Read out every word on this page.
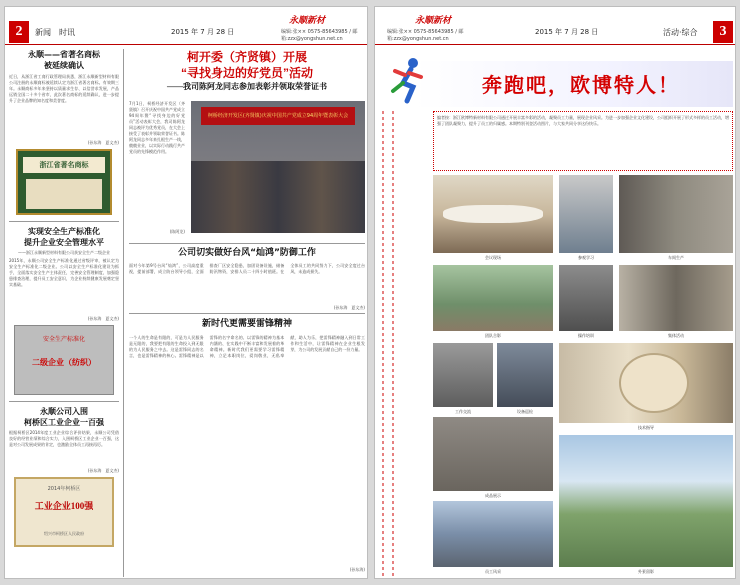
2	新闻　时讯	2015 年 7 月 28 日
永顺新材
编辑:张×× 0575-85643985 / 邮箱:zzx@yongshun.net.cn
永顺——省著名商标
被延续确认
近日，从浙江省工商行政管理局获悉，浙江永顺新型材料有限公司注册的永顺商标被延续认定为浙江省著名商标。有效期三年。永顺商标多年来坚持以质量求生存、以信誉求发展，产品远销全国二十多个省市，此次著名商标的延续确认，进一步提升了企业品牌的知名度和美誉度。
(孙东海　夏文杰)
浙江省著名商标
实现安全生产标准化
提升企业安全管理水平
——浙江永顺新型材料有限公司获安全生产二级企业
2015年，永顺公司安全生产标准化通过省级评审，被认定为安全生产标准化二级企业。公司以安全生产标准化建设为抓手，全面落实安全生产主体责任，完善安全管理制度，加强隐患排查治理，提升员工安全意识，为企业持续健康发展奠定坚实基础。
(孙东海　夏文杰)
安全生产标准化
二级企业（纺织）
永顺公司入围
柯桥区工业企业一百强
根据柯桥区2014年度工业企业综合评价结果，永顺公司凭借良好的经营业绩和综合实力，入围柯桥区工业企业一百强，这是对公司发展成果的肯定，也激励全体员工再接再厉。
(孙东海　夏文杰)
2014年柯桥区
工业企业100强
绍兴市柯桥区人民政府
柯开委（齐贤镇）开展
“寻找身边的好党员”活动
——我司陈阿龙同志参加表彰并领取荣誉证书
7月1日，柯桥经济开发区（齐贤镇）召开庆祝中国共产党成立94周年暨“寻找身边的好党员”活动表彰大会，我司陈阿龙同志被评为优秀党员，在大会上接受了表彰并领取荣誉证书。陈阿龙同志多年来扎根生产一线，兢兢业业，以实际行动践行共产党员的先锋模范作用。
(陈阿龙)
柯桥经济开发区(齐贤镇)庆祝中国共产党成立94周年暨表彰大会
公司切实做好台风“灿鸿”防御工作
面对今年第9号台风“灿鸿”，公司高度重视，提前部署，成立防台领导小组，全面排查厂区安全隐患，加固设备设施，储备防汛物资，安排人员二十四小时值班。在全体员工的共同努力下，公司安全度过台风，未造成损失。
(孙东海　夏文杰)
新时代更需要雷锋精神
一个人的生命是有限的，可是为人民服务是无限的，我要把有限的生命投入到无限的为人民服务之中去。这是雷锋同志的名言，也是雷锋精神的核心。雷锋精神是以雷锋的名字命名的、以雷锋的精神为基本内涵的、在实践中不断丰富和发展着的革命精神。新时代我们更需要学习雷锋精神，立足本职岗位，爱岗敬业，无私奉献，助人为乐，把雷锋精神融入到日常工作和生活中，让雷锋精神在企业生根发芽，为公司的发展贡献自己的一份力量。
(孙东海)
永顺新材
编辑:张×× 0575-85643985 / 邮箱:zzx@yongshun.net.cn
2015 年 7 月 28 日	活动·综合	3
奔跑吧，欧博特人！
编者按：浙江欧博特新材料有限公司通过开展丰富多彩的活动，凝聚员工力量，展现企业风采。为进一步加强企业文化建设，公司组织开展了形式多样的员工活动，增强了团队凝聚力，提升了员工的归属感。本期特别刊登活动图片，与大家共同分享这份快乐。
会议现场	参观学习	车间生产
团队合影	操作培训	集体活动
工作交流	设备巡检
技术指导
成品展示
员工风采	外景留影
